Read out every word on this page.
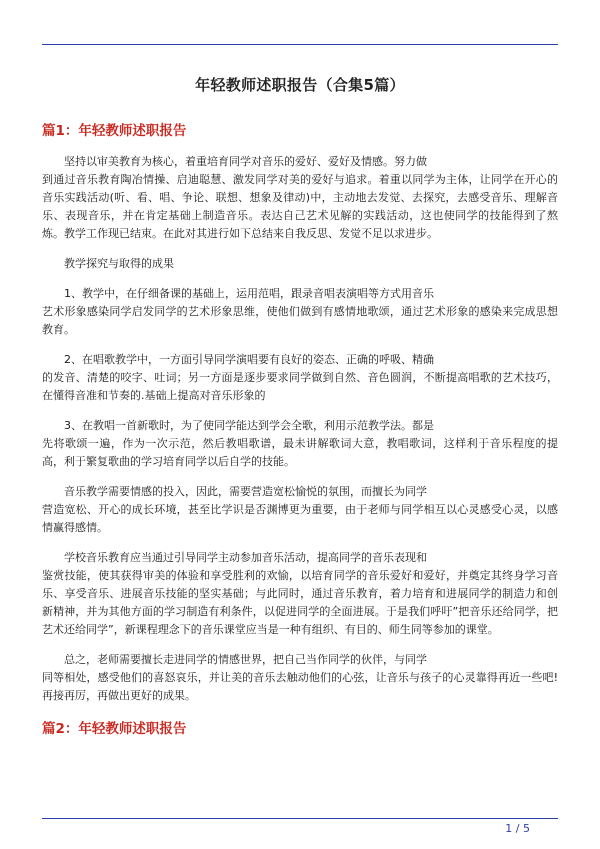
年轻教师述职报告（合集5篇）
篇1：年轻教师述职报告

坚持以审美教育为核心，着重培育同学对音乐的爱好、爱好及情感。努力做
到通过音乐教育陶冶情操、启迪聪慧、激发同学对美的爱好与追求。着重以同学为主体，让同学在开心的音乐实践活动(听、看、唱、争论、联想、想象及律动)中，主动地去发觉、去探究，去感受音乐、理解音乐、表现音乐，并在肯定基础上制造音乐。表达自己艺术见解的实践活动，这也使同学的技能得到了熬炼。教学工作现已结束。在此对其进行如下总结来自我反思、发觉不足以求进步。

教学探究与取得的成果

1、教学中，在仔细备课的基础上，运用范唱，跟录音唱表演唱等方式用音乐
艺术形象感染同学启发同学的艺术形象思维，使他们做到有感情地歌颂，通过艺术形象的感染来完成思想教育。

2、在唱歌教学中，一方面引导同学演唱要有良好的姿态、正确的呼吸、精确
的发音、清楚的咬字、吐词；另一方面是逐步要求同学做到自然、音色圆润，不断提高唱歌的艺术技巧，在懂得音准和节奏的.基础上提高对音乐形象的

3、在教唱一首新歌时，为了使同学能达到学会全歌，利用示范教学法。都是
先将歌颂一遍，作为一次示范，然后教唱歌谱，最未讲解歌词大意，教唱歌词，这样利于音乐程度的提高，利于繁复歌曲的学习培育同学以后自学的技能。

音乐教学需要情感的投入，因此，需要营造宽松愉悦的氛围，而擅长为同学
营造宽松、开心的成长环境，甚至比学识是否渊博更为重要，由于老师与同学相互以心灵感受心灵，以感情赢得感情。

学校音乐教育应当通过引导同学主动参加音乐活动，提高同学的音乐表现和
鉴赏技能，使其获得审美的体验和享受胜利的欢愉，以培育同学的音乐爱好和爱好，并奠定其终身学习音乐、享受音乐、进展音乐技能的坚实基础；与此同时，通过音乐教育，着力培育和进展同学的制造力和创新精神，并为其他方面的学习制造有利条件，以促进同学的全面进展。于是我们呼吁”把音乐还给同学，把艺术还给同学”，新课程理念下的音乐课堂应当是一种有组织、有目的、师生同等参加的课堂。

总之，老师需要擅长走进同学的情感世界，把自己当作同学的伙伴，与同学
同等相处，感受他们的喜怒哀乐，并让美的音乐去触动他们的心弦，让音乐与孩子的心灵靠得再近一些吧!再接再厉，再做出更好的成果。

篇2：年轻教师述职报告
1 / 5
